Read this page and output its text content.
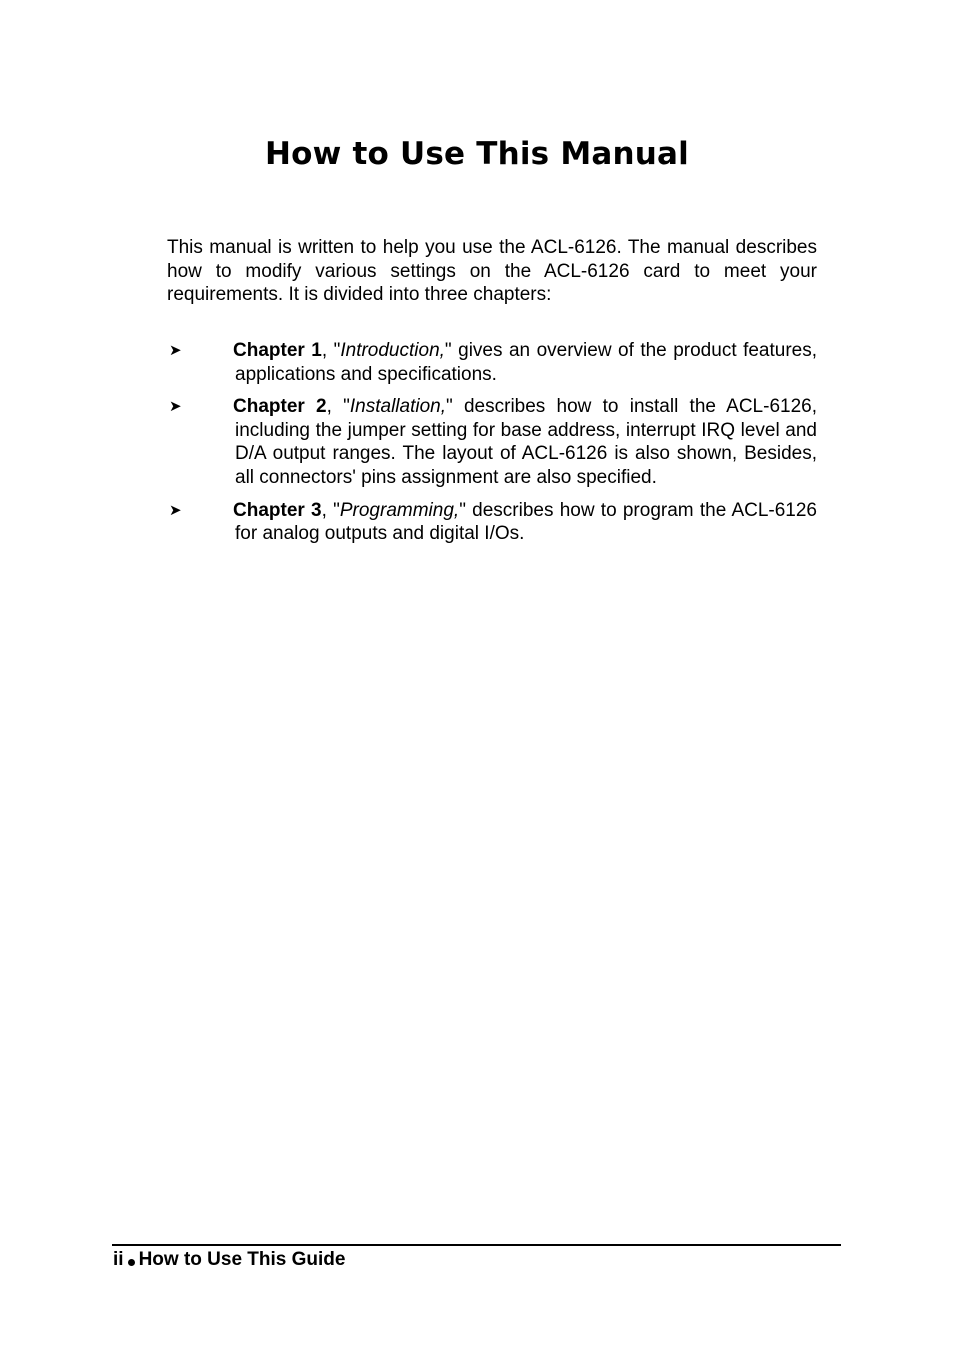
How to Use This Manual

This manual is written to help you use the ACL-6126. The manual describes how to modify various settings on the ACL-6126 card to meet your requirements. It is divided into three chapters:

➤	Chapter 1, "Introduction," gives an overview of the product features, applications and specifications.
➤	Chapter 2, "Installation," describes how to install the ACL-6126, including the jumper setting for base address, interrupt IRQ level and D/A output ranges. The layout of ACL-6126 is also shown, Besides, all connectors' pins assignment are also specified.
➤	Chapter 3, "Programming," describes how to program the ACL-6126 for analog outputs and digital I/Os.
ii How to Use This Guide
